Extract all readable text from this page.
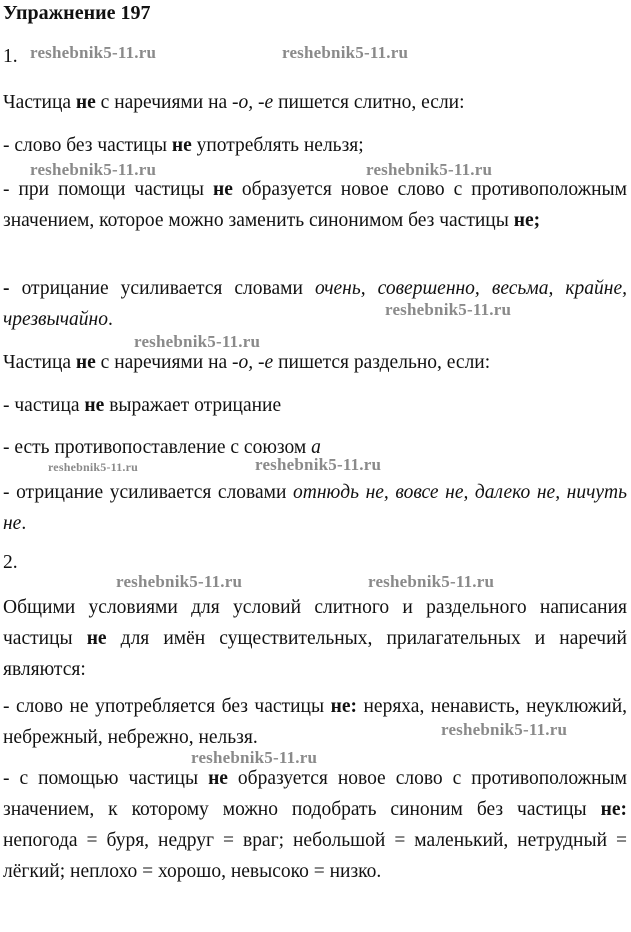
Упражнение 197
1.

Частица не с наречиями на -о, -е пишется слитно, если:

- слово без частицы не употреблять нельзя;

- при помощи частицы не образуется новое слово с противоположным значением, которое можно заменить синонимом без частицы не;

- отрицание усиливается словами очень, совершенно, весьма, крайне, чрезвычайно.

Частица не с наречиями на -о, -е пишется раздельно, если:

- частица не выражает отрицание

- есть противопоставление с союзом а

- отрицание усиливается словами отнюдь не, вовсе не, далеко не, ничуть не.

2.

Общими условиями для условий слитного и раздельного написания частицы не для имён существительных, прилагательных и наречий являются:

- слово не употребляется без частицы не: неряха, ненависть, неуклюжий, небрежный, небрежно, нельзя.

- с помощью частицы не образуется новое слово с противоположным значением, к которому можно подобрать синоним без частицы не: непогода = буря, недруг = враг; небольшой = маленький, нетрудный = лёгкий; неплохо = хорошо, невысоко = низко.

reshebnik5-11.ru	reshebnik5-11.ru
reshebnik5-11.ru	reshebnik5-11.ru
reshebnik5-11.ru
reshebnik5-11.ru
reshebnik5-11.ru	reshebnik5-11.ru
reshebnik5-11.ru	reshebnik5-11.ru
reshebnik5-11.ru
reshebnik5-11.ru
